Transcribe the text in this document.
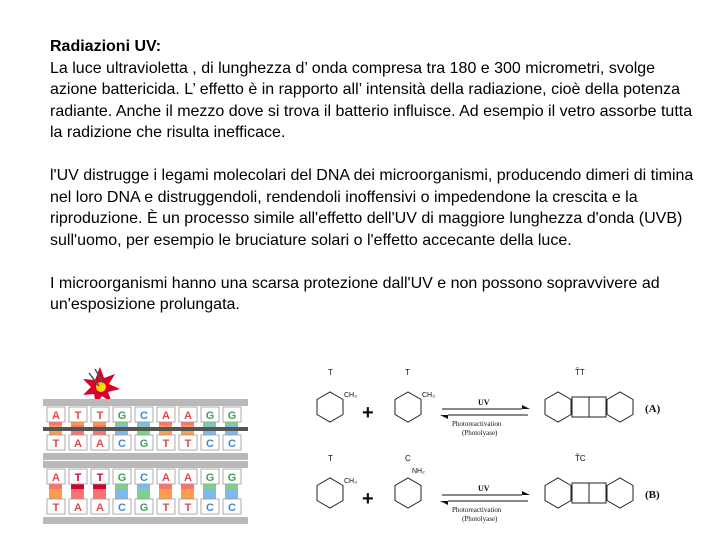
Radiazioni UV:

La luce ultravioletta , di lunghezza d’ onda compresa tra 180 e 300 micrometri, svolge azione battericida. L’ effetto è in rapporto all’ intensità della radiazione, cioè della potenza radiante. Anche il mezzo dove si trova il batterio influisce. Ad esempio il vetro assorbe tutta la radizione che risulta inefficace.

l'UV distrugge i legami molecolari del DNA dei microorganismi, producendo dimeri di timina nel loro DNA e distruggendoli, rendendoli inoffensivi o impedendone la crescita e la riproduzione. È un processo simile all'effetto dell'UV di maggiore lunghezza d'onda (UVB) sull'uomo, per esempio le bruciature solari o l'effetto accecante della luce.

I microorganismi hanno una scarsa protezione dall'UV e non possono sopravvivere ad un'esposizione prolungata.

A T T G C A A G G
T A A C G T T C C
A T T G C A A G G
T A A C G T T C C
T	T
CH₃	CH₃
+	UV
Photoreactivation
(Photolyase)
T̂T
(A)
T	C
CH₃
NH₂
+	UV
Photoreactivation
(Photolyase)
T̂C
(B)
